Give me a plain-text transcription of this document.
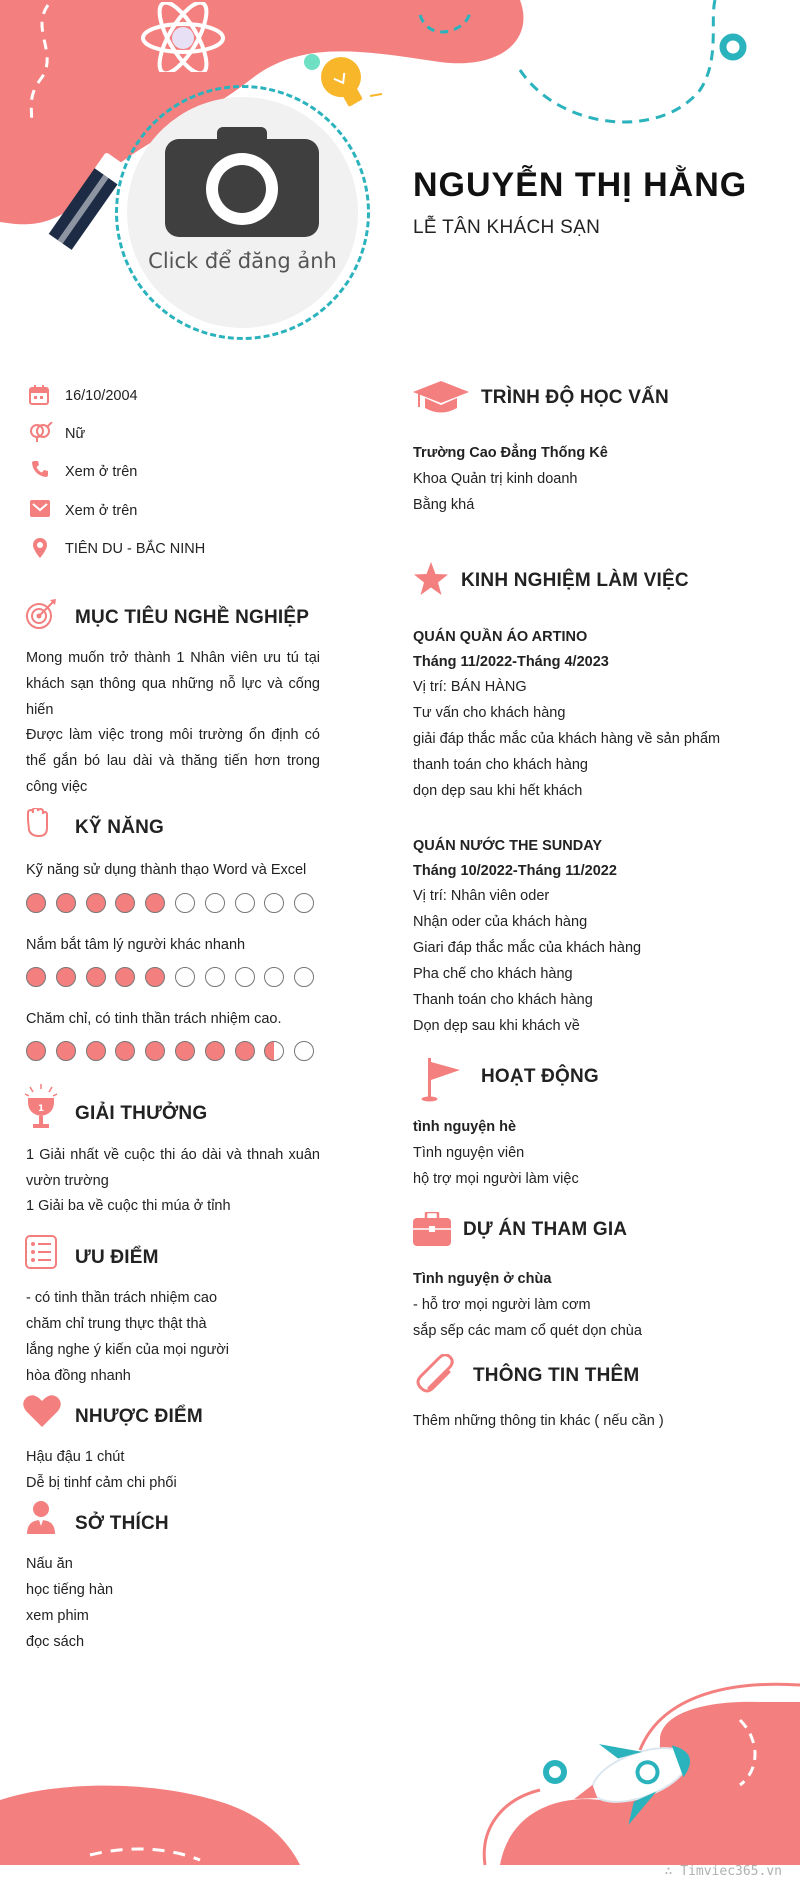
Click để đăng ảnh
NGUYỄN THỊ HẰNG
LỄ TÂN KHÁCH SẠN
16/10/2004
Nữ
Xem ở trên
Xem ở trên
TIÊN DU - BẮC NINH
MỤC TIÊU NGHỀ NGHIỆP
Mong muốn trở thành 1 Nhân viên ưu tú tại khách sạn thông qua những nỗ lực và cống hiến
Được làm việc trong môi trường ổn định có thể gắn bó lau dài và thăng tiến hơn trong công việc
KỸ NĂNG
Kỹ năng sử dụng thành thạo Word và Excel
Nắm bắt tâm lý người khác nhanh
Chăm chỉ, có tinh thần trách nhiệm cao.
1 GIẢI THƯỞNG
1 Giải nhất về cuộc thi áo dài và thnah xuân vườn trường
1 Giải ba về cuộc thi múa ở tỉnh
ƯU ĐIỂM
- có tinh thần trách nhiệm cao
chăm chỉ trung thực thật thà
lắng nghe ý kiến của mọi người
hòa đồng nhanh
NHƯỢC ĐIỂM
Hậu đậu 1 chút
Dễ bị tinhf cảm chi phối
SỞ THÍCH
Nấu ăn
học tiếng hàn
xem phim
đọc sách
TRÌNH ĐỘ HỌC VẤN
Trường Cao Đẳng Thống Kê
Khoa Quản trị kinh doanh
Bằng khá
KINH NGHIỆM LÀM VIỆC
QUÁN QUẦN ÁO ARTINO
Tháng 11/2022-Tháng 4/2023
Vị trí: BÁN HÀNG
Tư vấn cho khách hàng
giải đáp thắc mắc của khách hàng về sản phẩm
thanh toán cho khách hàng
dọn dẹp sau khi hết khách
QUÁN NƯỚC THE SUNDAY
Tháng 10/2022-Tháng 11/2022
Vị trí: Nhân viên oder
Nhận oder của khách hàng
Giari đáp thắc mắc của khách hàng
Pha chế cho khách hàng
Thanh toán cho khách hàng
Dọn dẹp sau khi khách về
HOẠT ĐỘNG
tình nguyện hè
Tình nguyện viên
hộ trợ mọi người làm việc
DỰ ÁN THAM GIA
Tình nguyện ở chùa
- hỗ trơ mọi người làm cơm
sắp sếp các mam cổ quét dọn chùa
THÔNG TIN THÊM
Thêm những thông tin khác ( nếu cần )
∴ Timviec365.vn
